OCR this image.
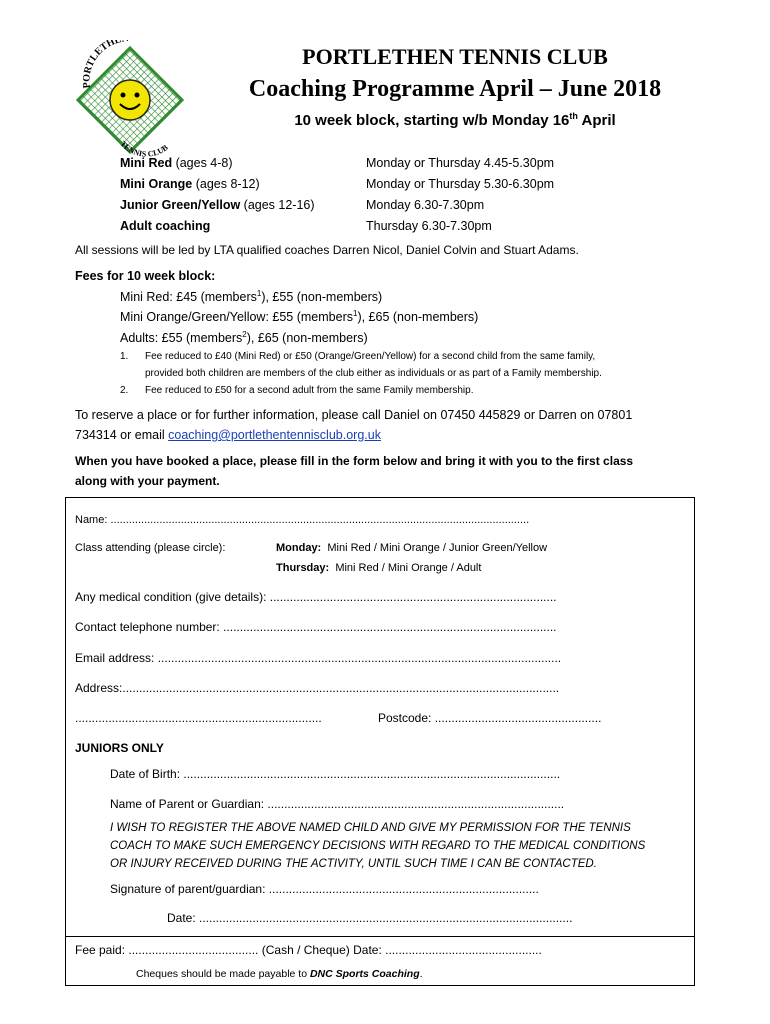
PORTLETHE
TENNIS CLUB
PORTLETHEN TENNIS CLUB
Coaching Programme April – June 2018
10 week block, starting w/b Monday 16th April
Mini Red (ages 4-8)	Monday or Thursday 4.45-5.30pm
Mini Orange (ages 8-12)	Monday or Thursday 5.30-6.30pm
Junior Green/Yellow (ages 12-16)	Monday 6.30-7.30pm
Adult coaching	Thursday 6.30-7.30pm
All sessions will be led by LTA qualified coaches Darren Nicol, Daniel Colvin and Stuart Adams.
Fees for 10 week block:
Mini Red: £45 (members$^1$), £55 (non-members)
Mini Orange/Green/Yellow: £55 (members$^1$), £65 (non-members)
Adults: £55 (members$^2$), £65 (non-members)
1. Fee reduced to £40 (Mini Red) or £50 (Orange/Green/Yellow) for a second child from the same family,
provided both children are members of the club either as individuals or as part of a Family membership.
2. Fee reduced to £50 for a second adult from the same Family membership.
To reserve a place or for further information, please call Daniel on 07450 445829 or Darren on 07801
734314 or email coaching@portlethentennisclub.org.uk
When you have booked a place, please fill in the form below and bring it with you to the first class
along with your payment.
Name: .........................................................................................................................................
Class attending (please circle):	Monday: Mini Red / Mini Orange / Junior Green/Yellow
Thursday: Mini Red / Mini Orange / Adult
Any medical condition (give details): ......................................................................................
Contact telephone number: ....................................................................................................
Email address: .........................................................................................................................
Address:...................................................................................................................................
..........................................................................	Postcode: ..................................................
JUNIORS ONLY
Date of Birth: .................................................................................................................
Name of Parent or Guardian: .........................................................................................
I WISH TO REGISTER THE ABOVE NAMED CHILD AND GIVE MY PERMISSION FOR THE TENNIS
COACH TO MAKE SUCH EMERGENCY DECISIONS WITH REGARD TO THE MEDICAL CONDITIONS
OR INJURY RECEIVED DURING THE ACTIVITY, UNTIL SUCH TIME I CAN BE CONTACTED.
Signature of parent/guardian: .................................................................................
Date: ................................................................................................................
Fee paid: ....................................... (Cash / Cheque) Date: ...............................................
Cheques should be made payable to DNC Sports Coaching.
